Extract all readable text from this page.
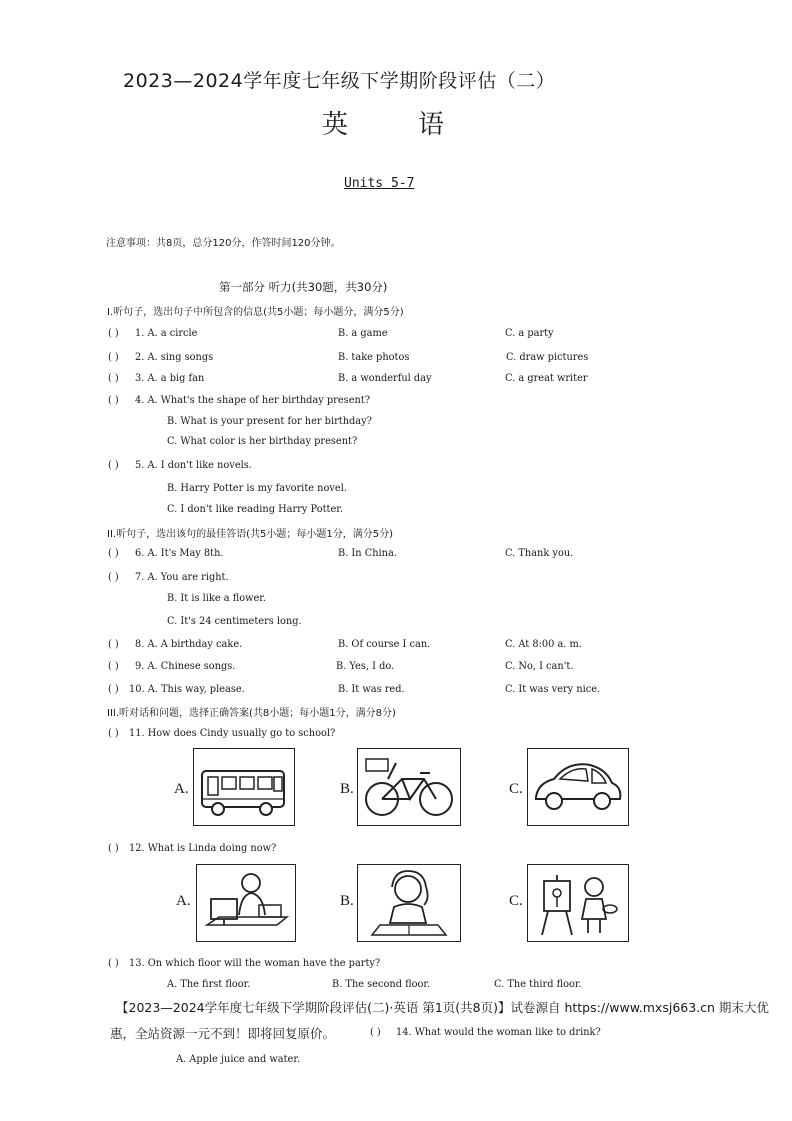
2023—2024学年度七年级下学期阶段评估（二）
英	语
Units 5-7
注意事项：共8页，总分120分，作答时间120分钟。
第一部分 听力(共30题，共30分)
I.听句子，选出句子中所包含的信息(共5小题；每小题分，满分5分)
( ) 1. A. a circle	B. a game	C. a party
( ) 2. A. sing songs	B. take photos	C. draw pictures
( ) 3. A. a big fan	B. a wonderful day	C. a great writer
( ) 4. A. What's the shape of her birthday present?
B. What is your present for her birthday?
C. What color is her birthday present?
( ) 5. A. I don't like novels.
B. Harry Potter is my favorite novel.
C. I don't like reading Harry Potter.
II.听句子，选出该句的最佳答语(共5小题；每小题1分，满分5分)
( ) 6. A. It's May 8th.	B. In China.	C. Thank you.
( ) 7. A. You are right.
B. It is like a flower.
C. It's 24 centimeters long.
( ) 8. A. A birthday cake.	B. Of course I can.	C. At 8:00 a. m.
( ) 9. A. Chinese songs.	B. Yes, I do.	C. No, I can't.
( ) 10. A. This way, please.	B. It was red.	C. It was very nice.
III.听对话和问题，选择正确答案(共8小题；每小题1分，满分8分)
( ) 11. How does Cindy usually go to school?
A.	B.	C.
( ) 12. What is Linda doing now?
A.	B.	C.
( ) 13. On which floor will the woman have the party?
A. The first floor.	B. The second floor.	C. The third floor.
【2023—2024学年度七年级下学期阶段评估(二)·英语 第1页(共8页)】试卷源自 https://www.mxsj663.cn 期末大优
惠，全站资源一元不到！即将回复原价。	( ) 14. What would the woman like to drink?
A. Apple juice and water.
